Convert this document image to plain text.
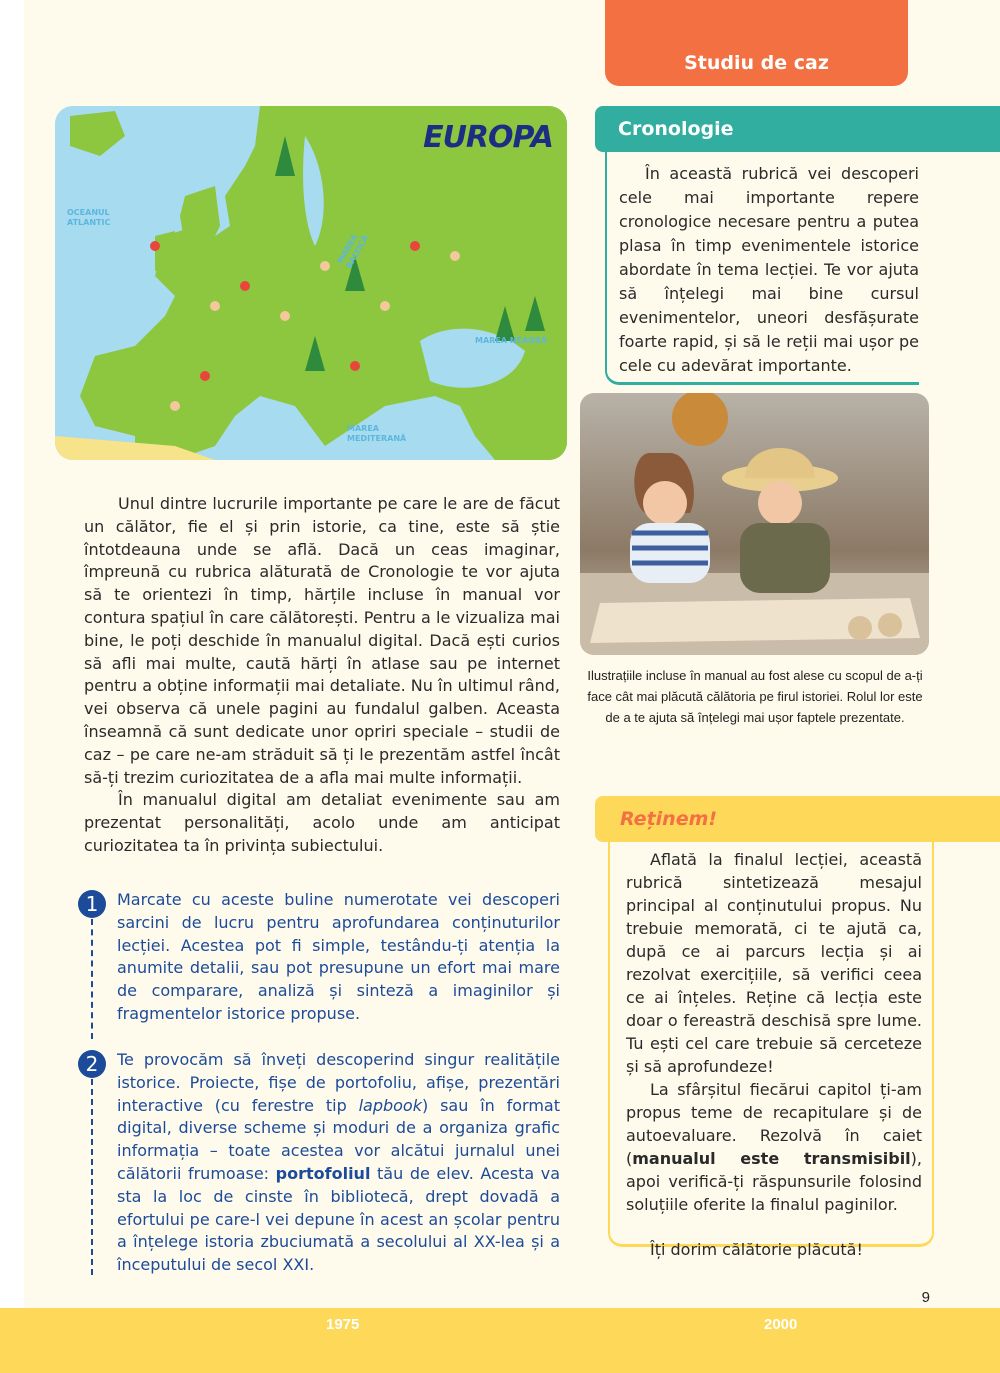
Studiu de caz
EUROPA
OCEANUL ATLANTIC
MAREA BALTICĂ
MAREA NEAGRĂ
MAREA MEDITERANĂ
Cronologie

În această rubrică vei descoperi cele mai importante repere cronologice necesare pentru a putea plasa în timp evenimentele istorice abordate în tema lecției. Te vor ajuta să înțelegi mai bine cursul evenimentelor, uneori desfășurate foarte rapid, și să le reții mai ușor pe cele cu adevărat importante.

Ilustrațiile incluse în manual au fost alese cu scopul de a-ți face cât mai plăcută călătoria pe firul istoriei. Rolul lor este de a te ajuta să înțelegi mai ușor faptele prezentate.

Unul dintre lucrurile importante pe care le are de făcut un călător, fie el și prin istorie, ca tine, este să știe întotdeauna unde se află. Dacă un ceas imaginar, împreună cu rubrica alăturată de Cronologie te vor ajuta să te orientezi în timp, hărțile incluse în manual vor contura spațiul în care călătorești. Pentru a le vizualiza mai bine, le poți deschide în manualul digital. Dacă ești curios să afli mai multe, caută hărți în atlase sau pe internet pentru a obține informații mai detaliate. Nu în ultimul rând, vei observa că unele pagini au fundalul galben. Aceasta înseamnă că sunt dedicate unor opriri speciale – studii de caz – pe care ne-am străduit să ți le prezentăm astfel încât să-ți trezim curiozitatea de a afla mai multe informații.

În manualul digital am detaliat evenimente sau am prezentat personalități, acolo unde am anticipat curiozitatea ta în privința subiectului.

1	Marcate cu aceste buline numerotate vei descoperi sarcini de lucru pentru aprofundarea conținuturilor lecției. Acestea pot fi simple, testându-ți atenția la anumite detalii, sau pot presupune un efort mai mare de comparare, analiză și sinteză a imaginilor și fragmentelor istorice propuse.

2	Te provocăm să înveți descoperind singur realitățile istorice. Proiecte, fișe de portofoliu, afișe, prezentări interactive (cu ferestre tip lapbook) sau în format digital, diverse scheme și moduri de a organiza grafic informația – toate acestea vor alcătui jurnalul unei călătorii frumoase: portofoliul tău de elev. Acesta va sta la loc de cinste în bibliotecă, drept dovadă a efortului pe care-l vei depune în acest an școlar pentru a înțelege istoria zbuciumată a secolului al XX-lea și a începutului de secol XXI.

Reținem!

Aflată la finalul lecției, această rubrică sintetizează mesajul principal al conținutului propus. Nu trebuie memorată, ci te ajută ca, după ce ai parcurs lecția și ai rezolvat exercițiile, să verifici ceea ce ai înțeles. Reține că lecția este doar o fereastră deschisă spre lume. Tu ești cel care trebuie să cerceteze și să aprofundeze!

La sfârșitul fiecărui capitol ți-am propus teme de recapitulare și de autoevaluare. Rezolvă în caiet (manualul este transmisibil), apoi verifică-ți răspunsurile folosind soluțiile oferite la finalul paginilor.

Îți dorim călătorie plăcută!

9
1975	2000
